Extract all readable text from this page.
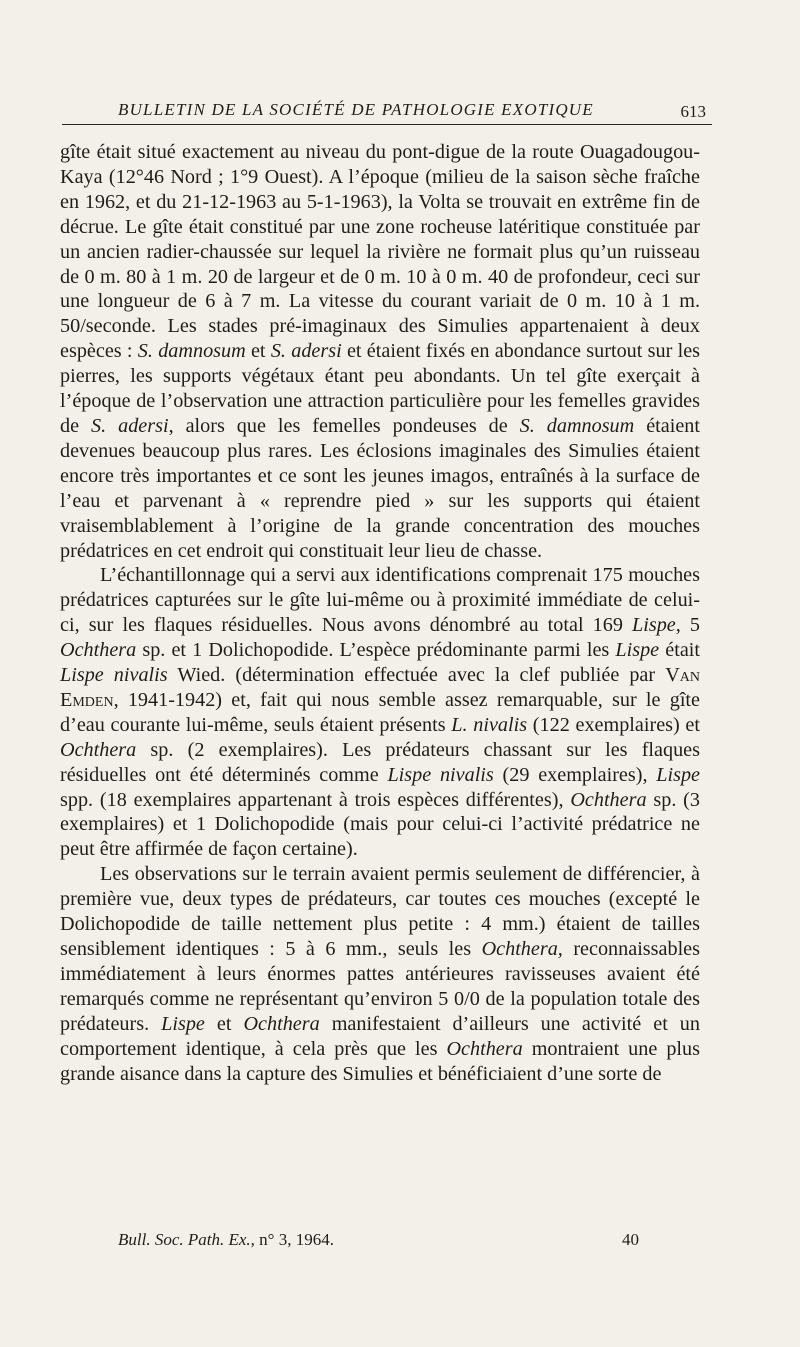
BULLETIN DE LA SOCIÉTÉ DE PATHOLOGIE EXOTIQUE	613

gîte était situé exactement au niveau du pont-digue de la route Ouagadougou-Kaya (12°46 Nord ; 1°9 Ouest). A l’époque (milieu de la saison sèche fraîche en 1962, et du 21-12-1963 au 5-1-1963), la Volta se trouvait en extrême fin de décrue. Le gîte était constitué par une zone rocheuse latéritique constituée par un ancien radier-chaussée sur lequel la rivière ne formait plus qu’un ruisseau de 0 m. 80 à 1 m. 20 de largeur et de 0 m. 10 à 0 m. 40 de profondeur, ceci sur une longueur de 6 à 7 m. La vitesse du courant variait de 0 m. 10 à 1 m. 50/seconde. Les stades pré-imaginaux des Simulies appartenaient à deux espèces : S. damnosum et S. adersi et étaient fixés en abondance surtout sur les pierres, les supports végétaux étant peu abondants. Un tel gîte exerçait à l’époque de l’observation une attraction particulière pour les femelles gravides de S. adersi, alors que les femelles pondeuses de S. damnosum étaient devenues beaucoup plus rares. Les éclosions imaginales des Simulies étaient encore très importantes et ce sont les jeunes imagos, entraînés à la surface de l’eau et parvenant à « reprendre pied » sur les supports qui étaient vraisemblablement à l’origine de la grande concentration des mouches prédatrices en cet endroit qui constituait leur lieu de chasse.

L’échantillonnage qui a servi aux identifications comprenait 175 mouches prédatrices capturées sur le gîte lui-même ou à proximité immédiate de celui-ci, sur les flaques résiduelles. Nous avons dénombré au total 169 Lispe, 5 Ochthera sp. et 1 Dolichopodide. L’espèce prédominante parmi les Lispe était Lispe nivalis Wied. (détermination effectuée avec la clef publiée par Van Emden, 1941-1942) et, fait qui nous semble assez remarquable, sur le gîte d’eau courante lui-même, seuls étaient présents L. nivalis (122 exemplaires) et Ochthera sp. (2 exemplaires). Les prédateurs chassant sur les flaques résiduelles ont été déterminés comme Lispe nivalis (29 exemplaires), Lispe spp. (18 exemplaires appartenant à trois espèces différentes), Ochthera sp. (3 exemplaires) et 1 Dolichopodide (mais pour celui-ci l’activité prédatrice ne peut être affirmée de façon certaine).

Les observations sur le terrain avaient permis seulement de différencier, à première vue, deux types de prédateurs, car toutes ces mouches (excepté le Dolichopodide de taille nettement plus petite : 4 mm.) étaient de tailles sensiblement identiques : 5 à 6 mm., seuls les Ochthera, reconnaissables immédiatement à leurs énormes pattes antérieures ravisseuses avaient été remarqués comme ne représentant qu’environ 5 0/0 de la population totale des prédateurs. Lispe et Ochthera manifestaient d’ailleurs une activité et un comportement identique, à cela près que les Ochthera montraient une plus grande aisance dans la capture des Simulies et bénéficiaient d’une sorte de

Bull. Soc. Path. Ex., n° 3, 1964.	40
